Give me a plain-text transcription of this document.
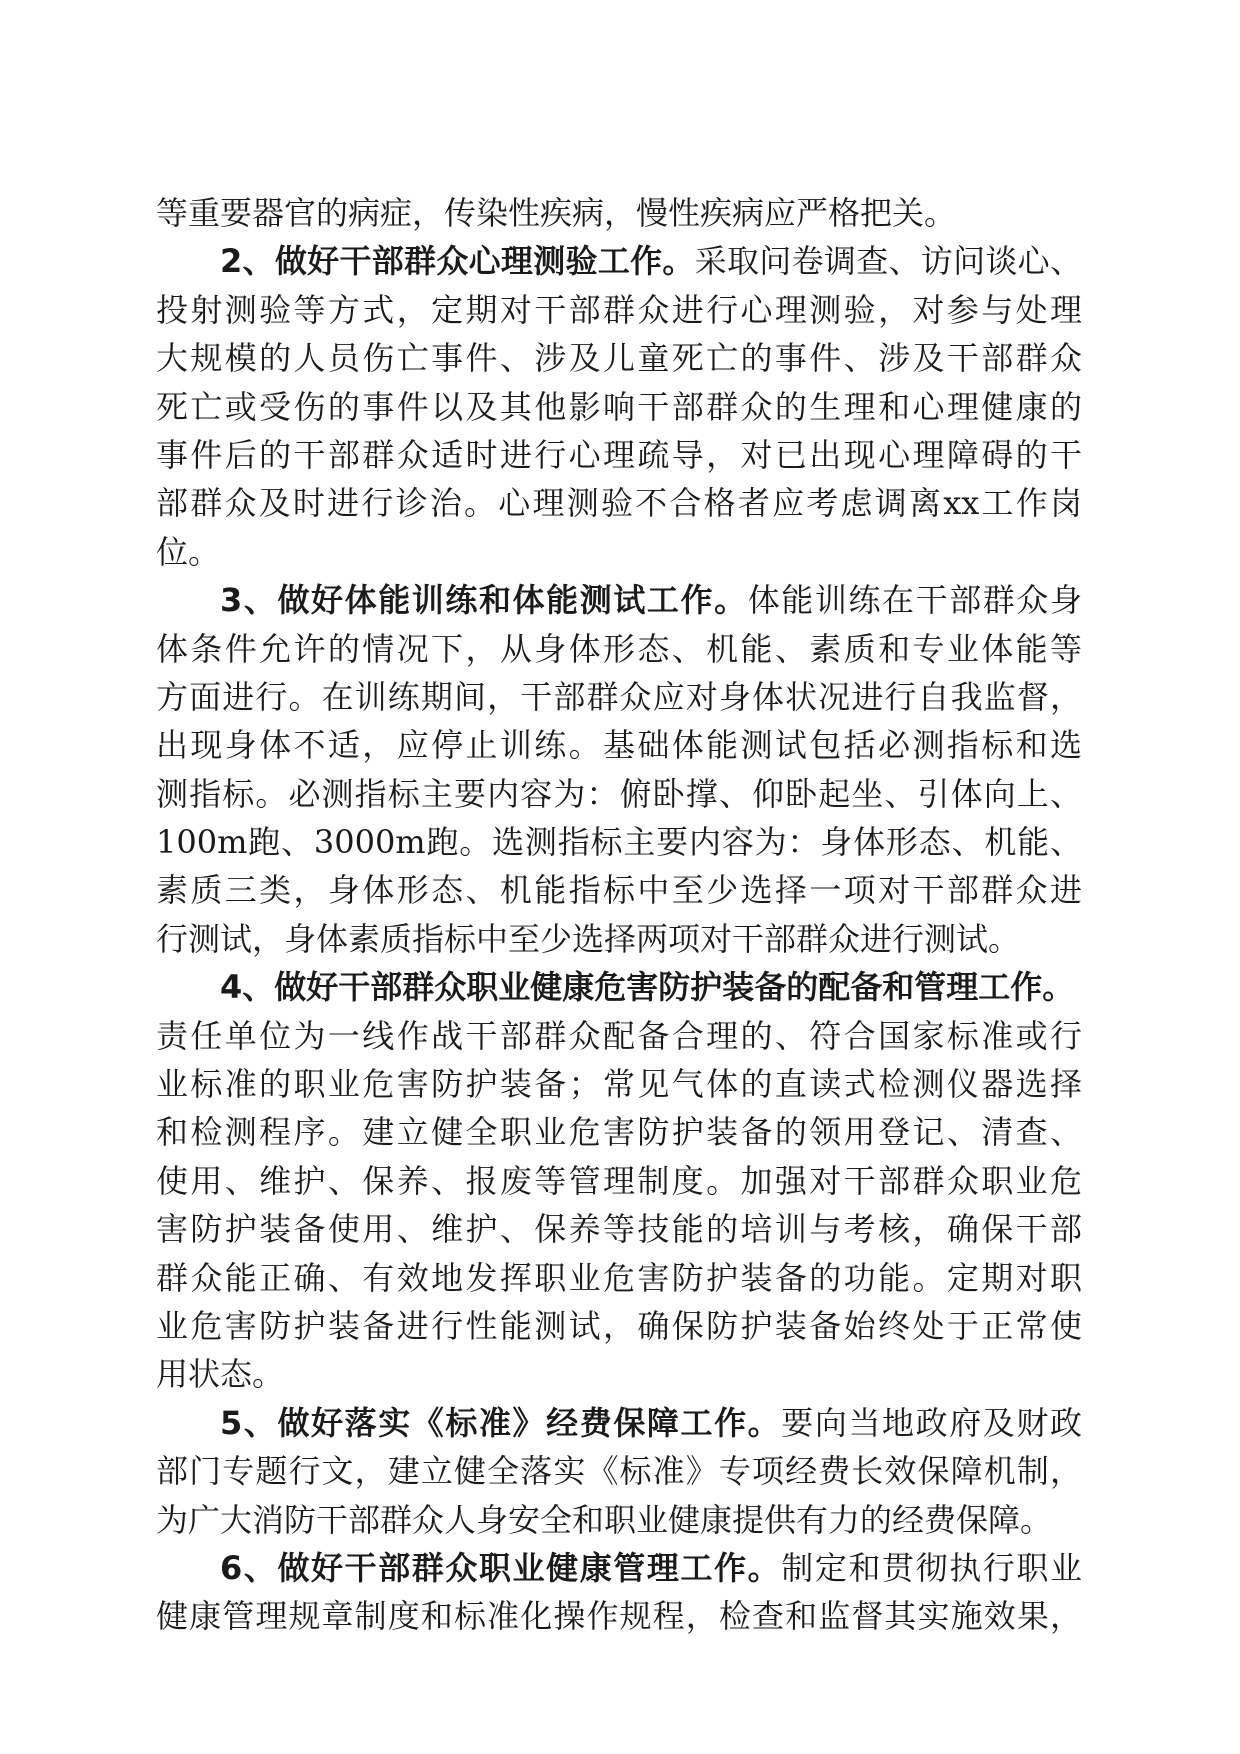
等重要器官的病症，传染性疾病，慢性疾病应严格把关。
2、做好干部群众心理测验工作。采取问卷调查、访问谈心、
投射测验等方式，定期对干部群众进行心理测验，对参与处理
大规模的人员伤亡事件、涉及儿童死亡的事件、涉及干部群众
死亡或受伤的事件以及其他影响干部群众的生理和心理健康的
事件后的干部群众适时进行心理疏导，对已出现心理障碍的干
部群众及时进行诊治。心理测验不合格者应考虑调离xx工作岗
位。
3、做好体能训练和体能测试工作。体能训练在干部群众身
体条件允许的情况下，从身体形态、机能、素质和专业体能等
方面进行。在训练期间，干部群众应对身体状况进行自我监督，
出现身体不适，应停止训练。基础体能测试包括必测指标和选
测指标。必测指标主要内容为：俯卧撑、仰卧起坐、引体向上、
100m跑、3000m跑。选测指标主要内容为：身体形态、机能、
素质三类，身体形态、机能指标中至少选择一项对干部群众进
行测试，身体素质指标中至少选择两项对干部群众进行测试。
4、做好干部群众职业健康危害防护装备的配备和管理工作。
责任单位为一线作战干部群众配备合理的、符合国家标准或行
业标准的职业危害防护装备；常见气体的直读式检测仪器选择
和检测程序。建立健全职业危害防护装备的领用登记、清查、
使用、维护、保养、报废等管理制度。加强对干部群众职业危
害防护装备使用、维护、保养等技能的培训与考核，确保干部
群众能正确、有效地发挥职业危害防护装备的功能。定期对职
业危害防护装备进行性能测试，确保防护装备始终处于正常使
用状态。
5、做好落实《标准》经费保障工作。要向当地政府及财政
部门专题行文，建立健全落实《标准》专项经费长效保障机制，
为广大消防干部群众人身安全和职业健康提供有力的经费保障。
6、做好干部群众职业健康管理工作。制定和贯彻执行职业
健康管理规章制度和标准化操作规程，检查和监督其实施效果，
